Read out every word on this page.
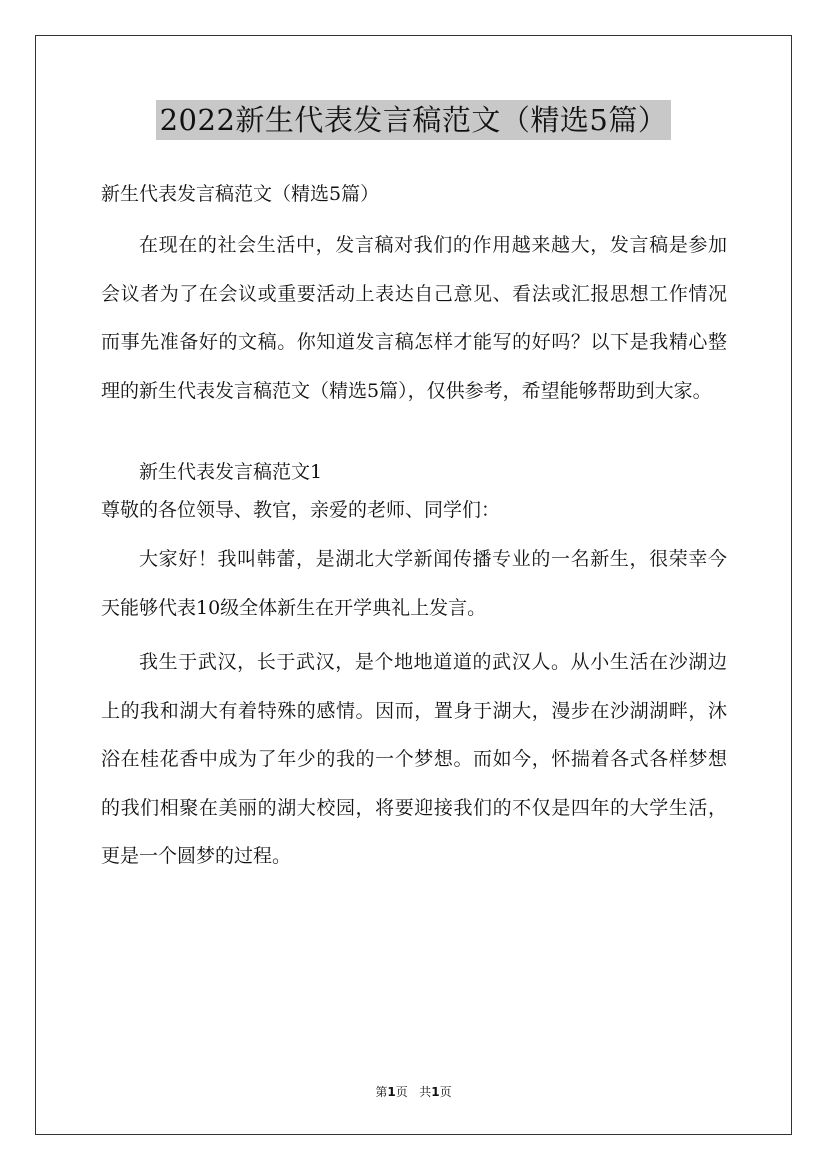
2022新生代表发言稿范文（精选5篇）
新生代表发言稿范文（精选5篇）

在现在的社会生活中，发言稿对我们的作用越来越大，发言稿是参加会议者为了在会议或重要活动上表达自己意见、看法或汇报思想工作情况而事先准备好的文稿。你知道发言稿怎样才能写的好吗？以下是我精心整理的新生代表发言稿范文（精选5篇），仅供参考，希望能够帮助到大家。

新生代表发言稿范文1
尊敬的各位领导、教官，亲爱的老师、同学们：

大家好！我叫韩蕾，是湖北大学新闻传播专业的一名新生，很荣幸今天能够代表10级全体新生在开学典礼上发言。

我生于武汉，长于武汉，是个地地道道的武汉人。从小生活在沙湖边上的我和湖大有着特殊的感情。因而，置身于湖大，漫步在沙湖湖畔，沐浴在桂花香中成为了年少的我的一个梦想。而如今，怀揣着各式各样梦想的我们相聚在美丽的湖大校园，将要迎接我们的不仅是四年的大学生活，更是一个圆梦的过程。

第1页   共1页
